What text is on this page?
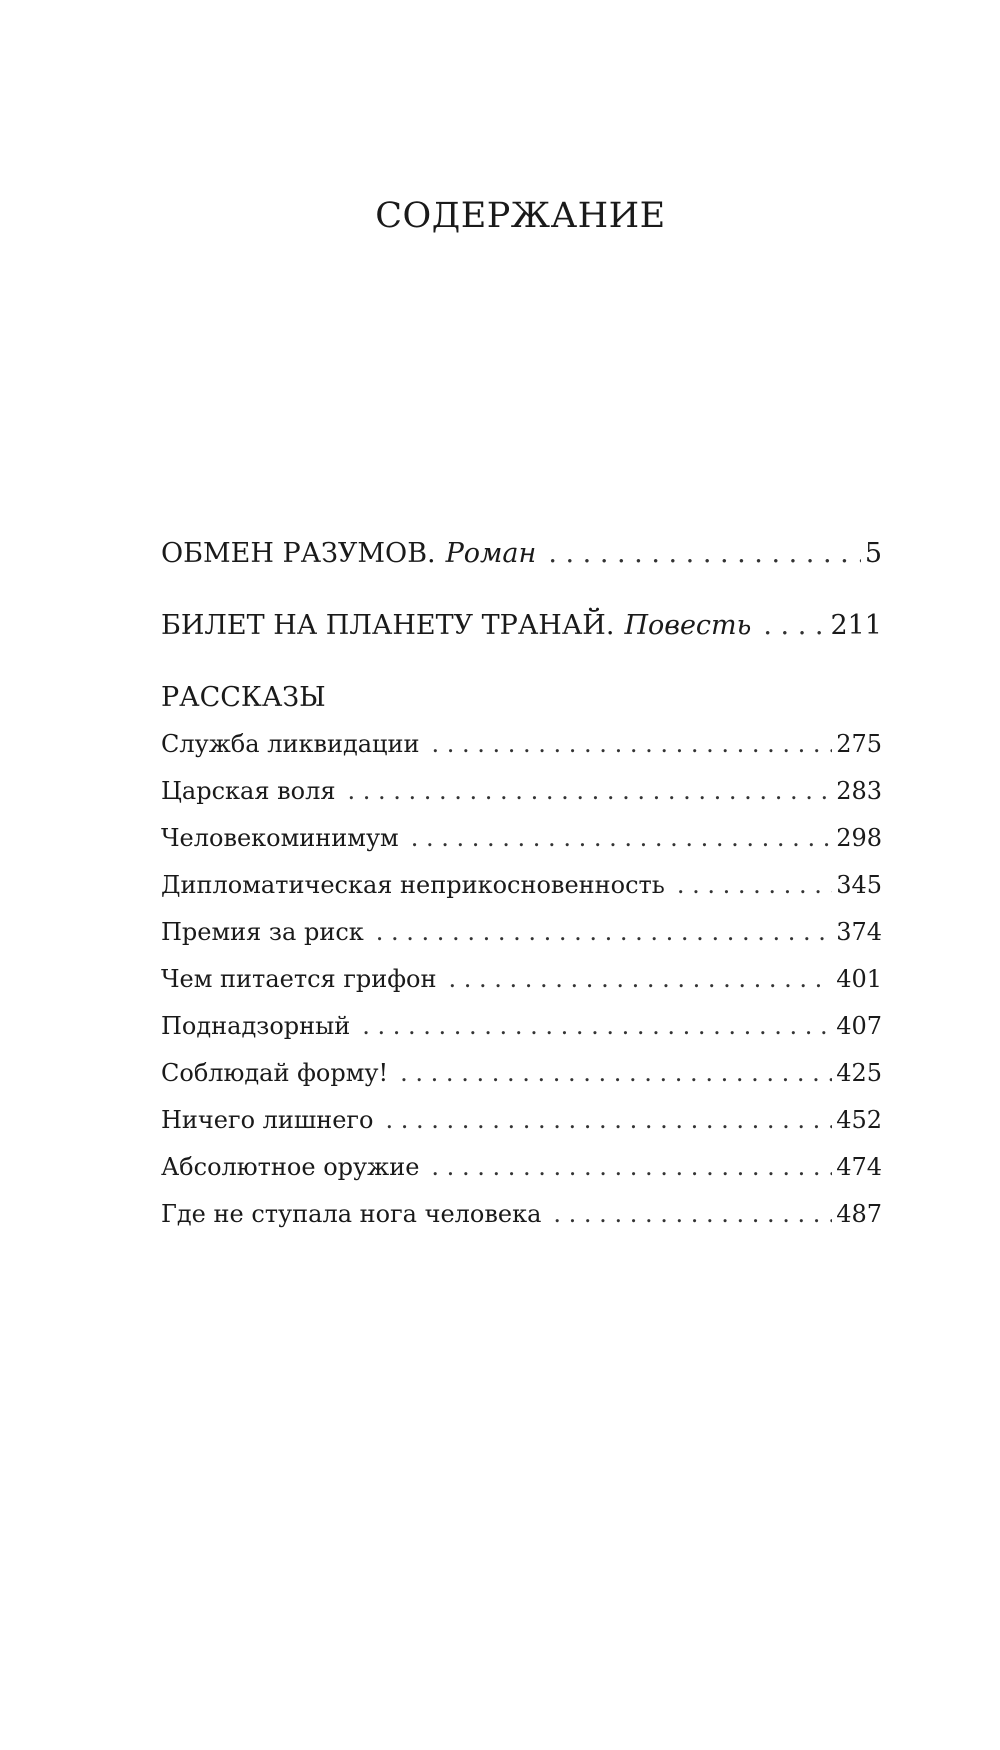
СОДЕРЖАНИЕ
ОБМЕН РАЗУМОВ. Роман . . .	5
БИЛЕТ НА ПЛАНЕТУ ТРАНАЙ. Повесть . . .	211
РАССКАЗЫ
Служба ликвидации . . .	275
Царская воля . . .	283
Человекоминимум . . .	298
Дипломатическая неприкосновенность . . .	345
Премия за риск . . .	374
Чем питается грифон . . .	401
Поднадзорный . . .	407
Соблюдай форму! . . .	425
Ничего лишнего . . .	452
Абсолютное оружие . . .	474
Где не ступала нога человека . . .	487
